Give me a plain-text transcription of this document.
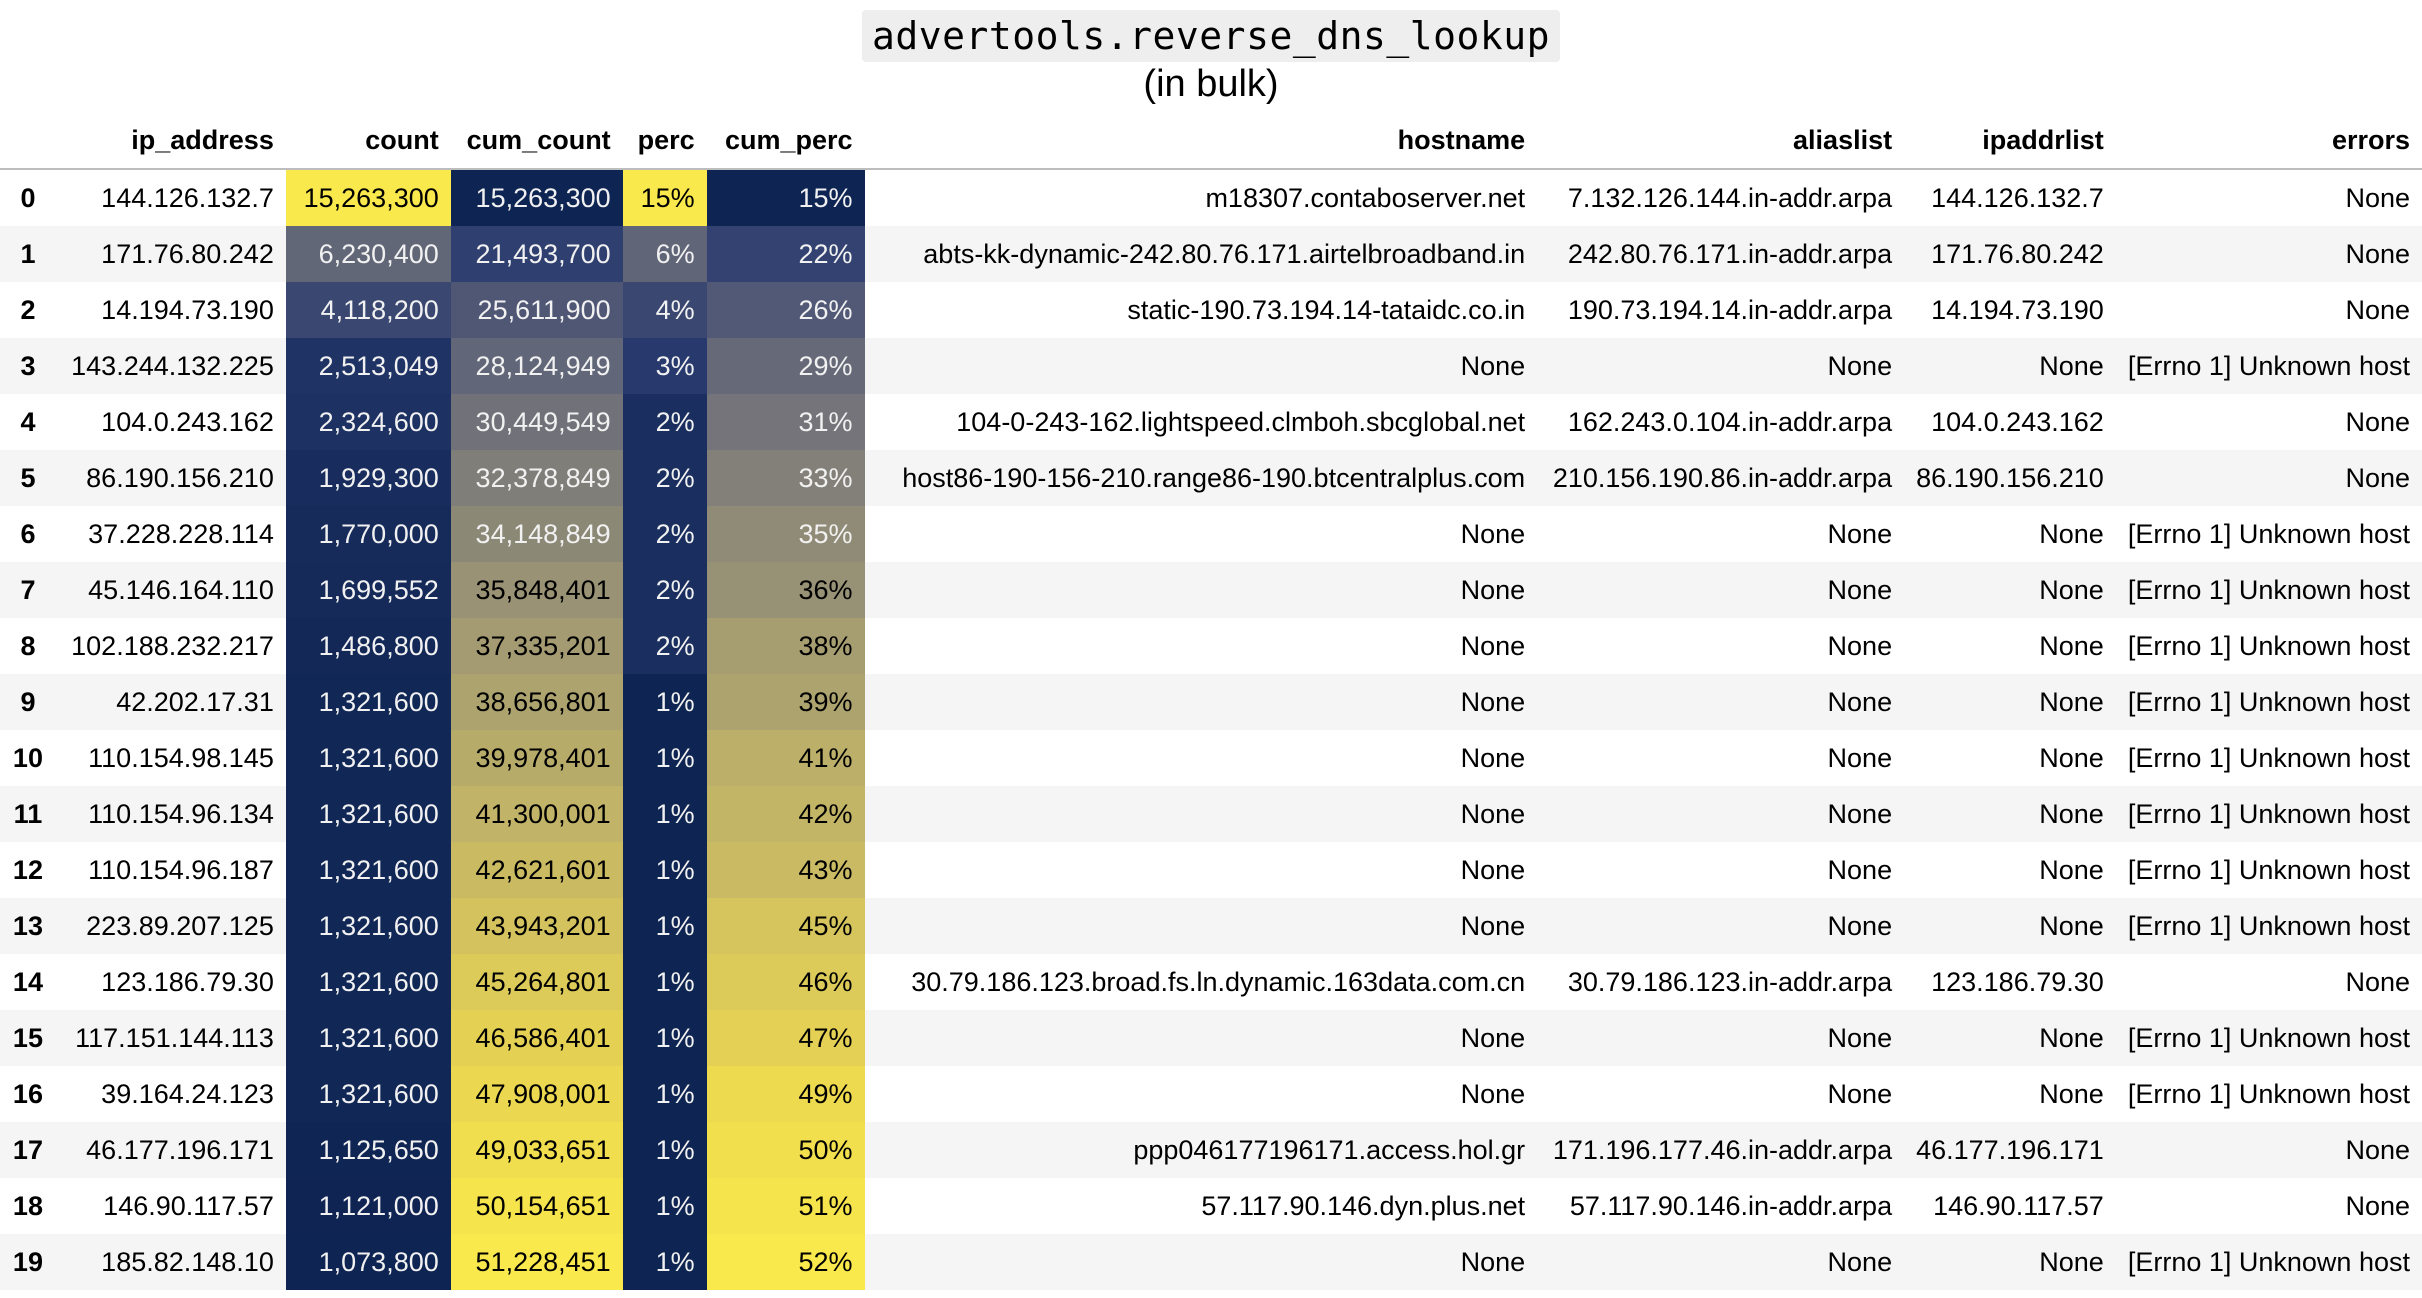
advertools.reverse_dns_lookup
(in bulk)
	ip_address	count	cum_count	perc	cum_perc	hostname	aliaslist	ipaddrlist	errors
0	144.126.132.7	15,263,300	15,263,300	15%	15%	m18307.contaboserver.net	7.132.126.144.in-addr.arpa	144.126.132.7	None
1	171.76.80.242	6,230,400	21,493,700	6%	22%	abts-kk-dynamic-242.80.76.171.airtelbroadband.in	242.80.76.171.in-addr.arpa	171.76.80.242	None
2	14.194.73.190	4,118,200	25,611,900	4%	26%	static-190.73.194.14-tataidc.co.in	190.73.194.14.in-addr.arpa	14.194.73.190	None
3	143.244.132.225	2,513,049	28,124,949	3%	29%	None	None	None	[Errno 1] Unknown host
4	104.0.243.162	2,324,600	30,449,549	2%	31%	104-0-243-162.lightspeed.clmboh.sbcglobal.net	162.243.0.104.in-addr.arpa	104.0.243.162	None
5	86.190.156.210	1,929,300	32,378,849	2%	33%	host86-190-156-210.range86-190.btcentralplus.com	210.156.190.86.in-addr.arpa	86.190.156.210	None
6	37.228.228.114	1,770,000	34,148,849	2%	35%	None	None	None	[Errno 1] Unknown host
7	45.146.164.110	1,699,552	35,848,401	2%	36%	None	None	None	[Errno 1] Unknown host
8	102.188.232.217	1,486,800	37,335,201	2%	38%	None	None	None	[Errno 1] Unknown host
9	42.202.17.31	1,321,600	38,656,801	1%	39%	None	None	None	[Errno 1] Unknown host
10	110.154.98.145	1,321,600	39,978,401	1%	41%	None	None	None	[Errno 1] Unknown host
11	110.154.96.134	1,321,600	41,300,001	1%	42%	None	None	None	[Errno 1] Unknown host
12	110.154.96.187	1,321,600	42,621,601	1%	43%	None	None	None	[Errno 1] Unknown host
13	223.89.207.125	1,321,600	43,943,201	1%	45%	None	None	None	[Errno 1] Unknown host
14	123.186.79.30	1,321,600	45,264,801	1%	46%	30.79.186.123.broad.fs.ln.dynamic.163data.com.cn	30.79.186.123.in-addr.arpa	123.186.79.30	None
15	117.151.144.113	1,321,600	46,586,401	1%	47%	None	None	None	[Errno 1] Unknown host
16	39.164.24.123	1,321,600	47,908,001	1%	49%	None	None	None	[Errno 1] Unknown host
17	46.177.196.171	1,125,650	49,033,651	1%	50%	ppp046177196171.access.hol.gr	171.196.177.46.in-addr.arpa	46.177.196.171	None
18	146.90.117.57	1,121,000	50,154,651	1%	51%	57.117.90.146.dyn.plus.net	57.117.90.146.in-addr.arpa	146.90.117.57	None
19	185.82.148.10	1,073,800	51,228,451	1%	52%	None	None	None	[Errno 1] Unknown host
